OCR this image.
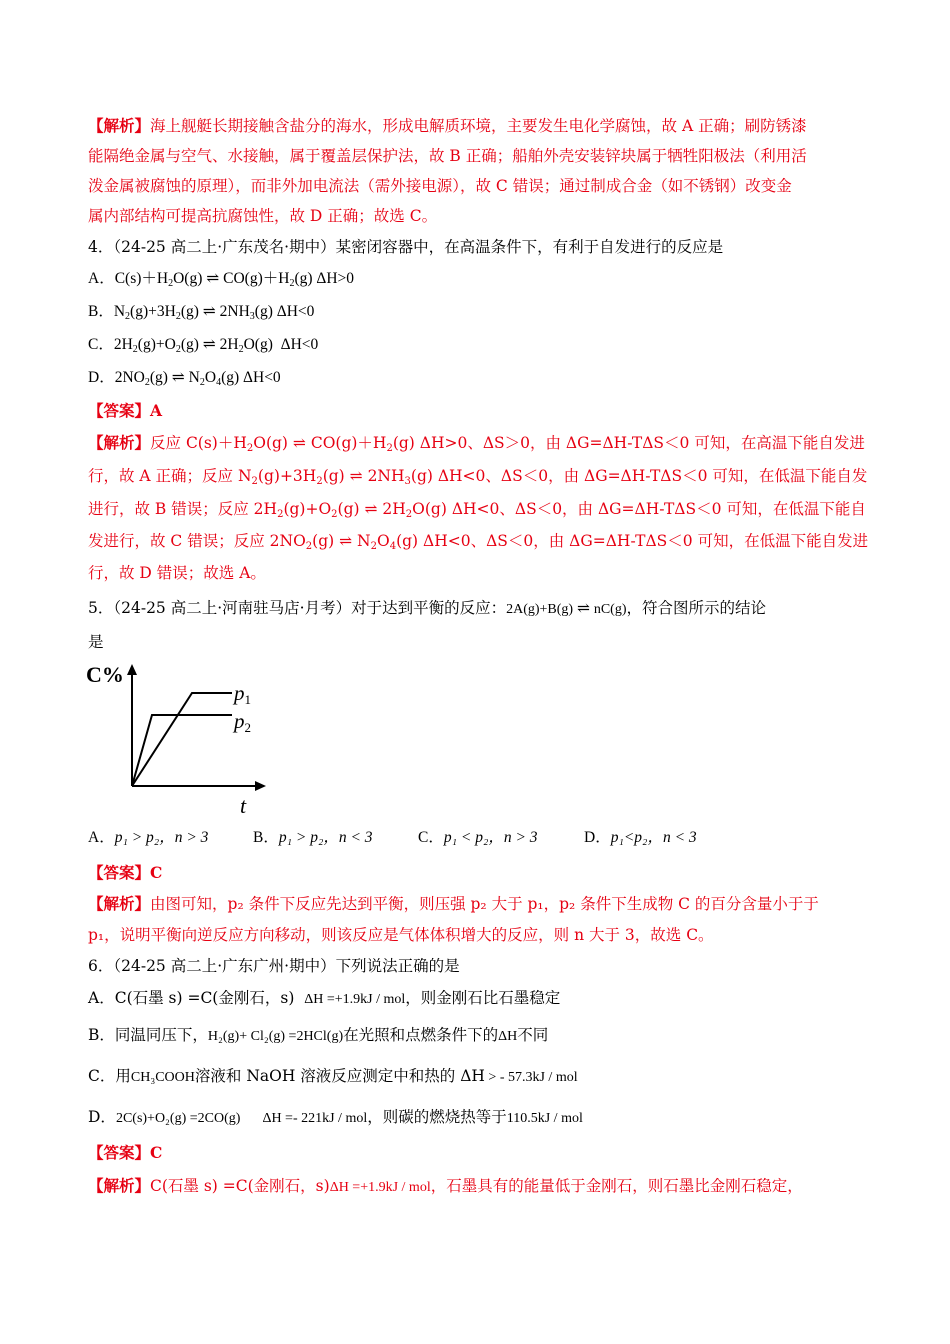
【解析】海上舰艇长期接触含盐分的海水，形成电解质环境，主要发生电化学腐蚀，故 A 正确；刷防锈漆
能隔绝金属与空气、水接触，属于覆盖层保护法，故 B 正确；船舶外壳安装锌块属于牺牲阳极法（利用活
泼金属被腐蚀的原理），而非外加电流法（需外接电源），故 C 错误；通过制成合金（如不锈钢）改变金
属内部结构可提高抗腐蚀性，故 D 正确；故选 C。
4．（24-25 高二上·广东茂名·期中）某密闭容器中，在高温条件下，有利于自发进行的反应是
A．$C(s)+H_2O(g)$ ⇌ $CO(g)+H_2(g)$ ΔH>0
B．$N_2(g)+3H_2(g)$ ⇌ $2NH_3(g)$ ΔH<0
C．$2H_2(g)+O_2(g)$ ⇌ $2H_2O(g)$ ΔH<0
D．$2NO_2(g)$ ⇌ $N_2O_4(g)$ ΔH<0
【答案】A
【解析】反应 $C(s)+H_2O(g)$ ⇌ $CO(g)+H_2(g)$ ΔH>0、ΔS＞0，由 ΔG=ΔH-TΔS＜0 可知，在高温下能自发进
行，故 A 正确；反应 $N_2(g)+3H_2(g)$ ⇌ $2NH_3(g)$ ΔH<0、ΔS＜0，由 ΔG=ΔH-TΔS＜0 可知，在低温下能自发
进行，故 B 错误；反应 $2H_2(g)+O_2(g)$ ⇌ $2H_2O(g)$ ΔH<0、ΔS＜0，由 ΔG=ΔH-TΔS＜0 可知，在低温下能自
发进行，故 C 错误；反应 $2NO_2(g)$ ⇌ $N_2O_4(g)$ ΔH<0、ΔS＜0，由 ΔG=ΔH-TΔS＜0 可知，在低温下能自发进
行，故 D 错误；故选 A。
5．（24-25 高二上·河南驻马店·月考）对于达到平衡的反应：2A(g)+B(g) ⇌ nC(g)，符合图所示的结论
是
C%
p1
p2
t
A．p₁ > p₂，n > 3	B．p₁ > p₂，n < 3	C．p₁ < p₂，n > 3	D．p₁<p₂，n < 3
【答案】C
【解析】由图可知，p₂ 条件下反应先达到平衡，则压强 p₂ 大于 p₁，p₂ 条件下生成物 C 的百分含量小于于
p₁，说明平衡向逆反应方向移动，则该反应是气体体积增大的反应，则 n 大于 3，故选 C。
6．（24-25 高二上·广东广州·期中）下列说法正确的是
A．C(石墨 s) =C(金刚石，s) ΔH =+1.9kJ / mol，则金刚石比石墨稳定
B．同温同压下，H₂(g)+ Cl₂(g) =2HCl(g)在光照和点燃条件下的ΔH不同
C．用CH₃COOH溶液和 NaOH 溶液反应测定中和热的 ΔH > - 57.3kJ / mol
D．2C(s)+O₂(g) =2CO(g) ΔH =- 221kJ / mol，则碳的燃烧热等于110.5kJ / mol
【答案】C
【解析】C(石墨 s) =C(金刚石，s)ΔH =+1.9kJ / mol，石墨具有的能量低于金刚石，则石墨比金刚石稳定，
